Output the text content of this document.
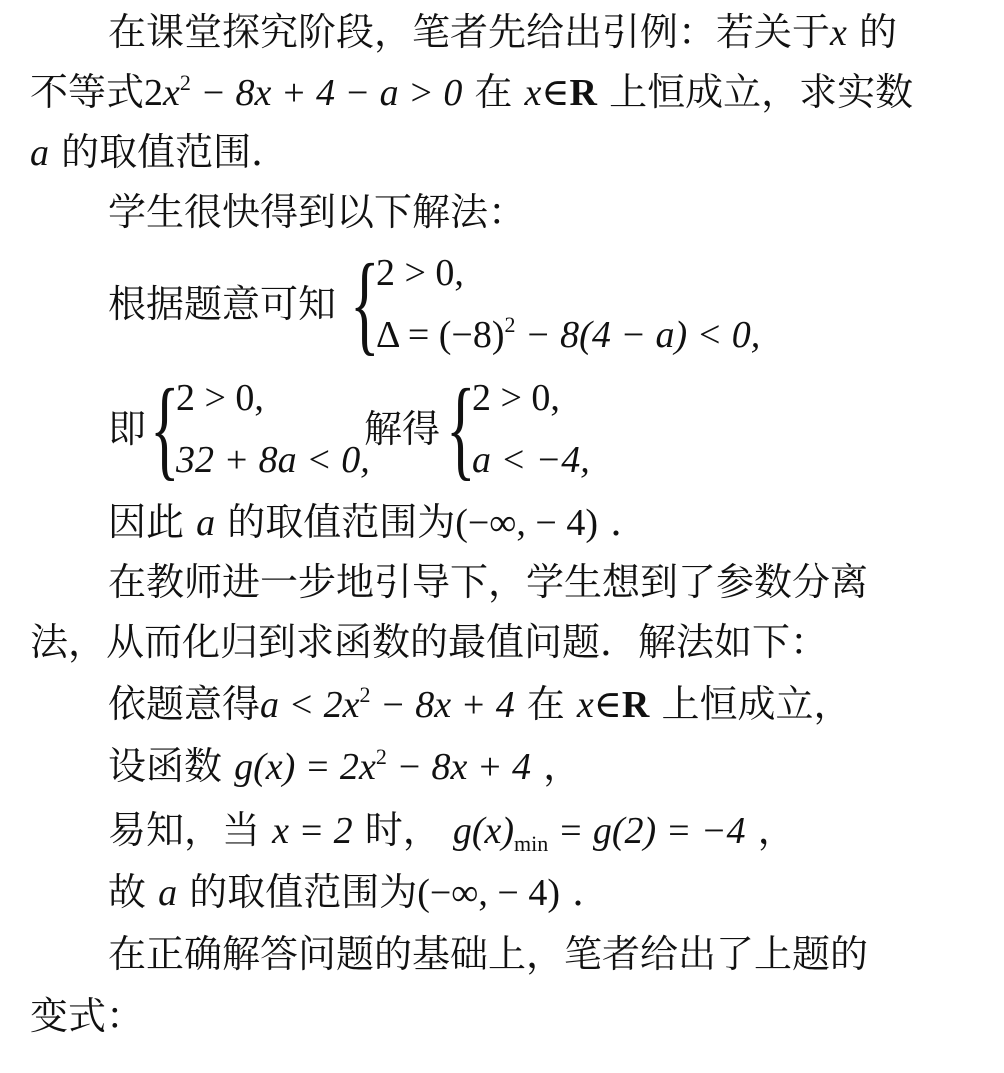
在课堂探究阶段，笔者先给出引例：若关于x 的
不等式$2x^2 - 8x + 4 - a > 0$ 在 x∈R 上恒成立，求实数
a 的取值范围．
学生很快得到以下解法：
根据题意可知 {
2 > 0,
$\Delta = (-8)^2 - 8(4 - a) < 0$,
即 {
2 > 0,
32 + 8a < 0,
解得 {
2 > 0,
a < −4,
因此 a 的取值范围为(−∞, − 4) ．
在教师进一步地引导下，学生想到了参数分离
法，从而化归到求函数的最值问题．解法如下：
依题意得$a < 2x^2 - 8x + 4$ 在 x∈R 上恒成立，
设函数 $g(x) = 2x^2 - 8x + 4$ ，
易知，当 x = 2 时， $g(x)_{min} = g(2) = -4$ ，
故 a 的取值范围为(−∞, − 4) ．
在正确解答问题的基础上，笔者给出了上题的
变式：
